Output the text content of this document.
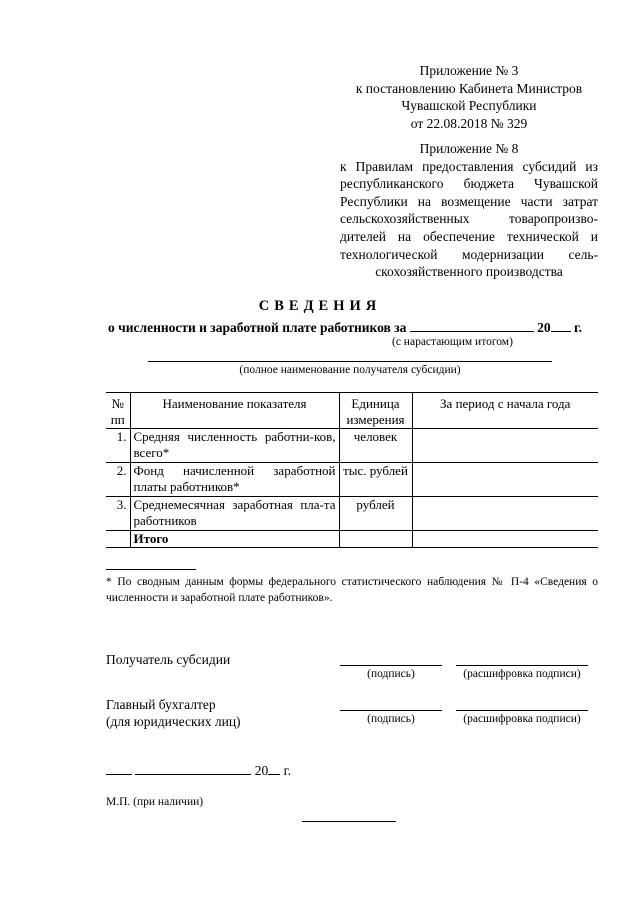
Приложение № 3
к постановлению Кабинета Министров
Чувашской Республики
от 22.08.2018 № 329
Приложение № 8
к Правилам предоставления субсидий из
республиканского бюджета Чувашской
Республики на возмещение части затрат
сельскохозяйственных товаропроизво-
дителей на обеспечение технической и
технологической модернизации сель-
скохозяйственного производства
СВЕДЕНИЯ
о численности и заработной плате работников за	20 г.
(с нарастающим итогом)
(полное наименование получателя субсидии)
№ пп	Наименование показателя	Единица измерения	За период с начала года
1.	Средняя численность работни-ков, всего*	человек	
2.	Фонд начисленной заработной платы работников*	тыс. рублей	
3.	Среднемесячная заработная пла-та работников	рублей	
	Итого		
* По сводным данным формы федерального статистического наблюдения № П-4 «Сведения о численности и заработной плате работников».
Получатель субсидии
(подпись)	(расшифровка подписи)
Главный бухгалтер
(для юридических лиц)	(подпись)	(расшифровка подписи)
20 г.
М.П. (при наличии)
